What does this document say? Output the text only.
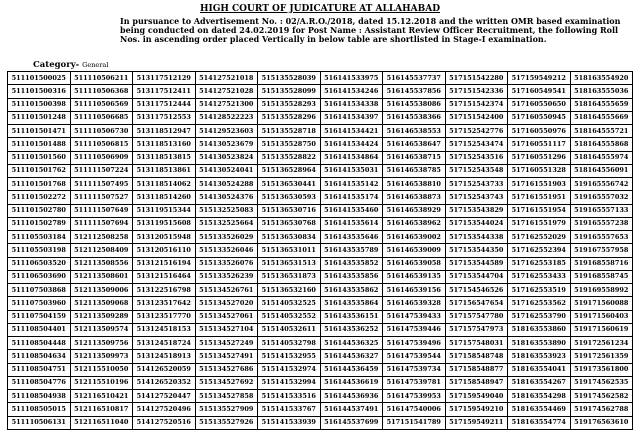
HIGH COURT OF JUDICATURE AT ALLAHABAD

In pursuance to Advertisement No. : 02/A.R.O./2018, dated 15.12.2018 and the written OMR based examination being conducted on dated 24.02.2019 for Post Name : Assistant Review Officer Recruitment, the following Roll Nos. in ascending order placed Vertically in below table are shortlisted in Stage-I examination.

Category- General
511101500025	511110506211	513117512129	514127521018	515135528039	516141533975	516145537737	517151542280	517159549212	518163554920
511101500316	511110506368	513117512411	514127521028	515135528099	516141534246	516145537856	517151542336	517160549541	518163555036
511101500398	511110506569	513117512444	514127521300	515135528293	516141534338	516145538086	517151542374	517160550650	518164555659
511101501248	511110506685	513117512553	514128522223	515135528296	516141534397	516145538366	517151542400	517160550945	518164555669
511101501471	511110506730	513118512947	514129523603	515135528718	516141534421	516146538553	517152542776	517160550976	518164555721
511101501488	511110506815	513118513160	514130523679	515135528750	516141534424	516146538647	517152543474	517160551117	518164555868
511101501560	511110506909	513118513815	514130523824	515135528822	516141534864	516146538715	517152543516	517160551296	518164555974
511101501762	511111507224	513118513861	514130524041	515136528964	516141535031	516146538785	517152543548	517160551328	518164556091
511101501768	511111507495	513118514062	514130524288	515136530441	516141535142	516146538810	517152543733	517161551903	519165556742
511101502272	511111507527	513118514260	514130524376	515136530593	516141535174	516146538873	517152543743	517161551951	519165557032
511101502780	511111507649	513119515344	515132525083	515136530716	516141535460	516146538929	517153543829	517161551954	519165557133
511101502789	511111507694	513119515608	515132525664	515136530768	516141535614	516146538962	517153544024	517161551979	519165557238
511105503184	512112508258	513120515948	515133526029	515136530834	516143535646	516146539002	517153544338	517162552029	519165557653
511105503198	512112508409	513120516110	515133526046	515136531011	516143535789	516146539009	517153544350	517162552394	519167557958
511106503520	512113508556	513121516194	515133526076	515136531513	516143535852	516146539058	517153544589	517162553185	519168558716
511106503690	512113508601	513121516464	515133526239	515136531873	516143535856	516146539135	517153544704	517162553433	519168558745
511107503868	512113509006	513122516798	515134526761	515136532160	516143535862	516146539156	517154546526	517162553519	519169558992
511107503960	512113509068	513123517642	515134527020	515140532525	516143535864	516146539328	517156547654	517162553562	519171560088
511107504159	512113509289	513123517770	515134527061	515140532552	516143536151	516147539433	517157547780	517162553790	519171560403
511108504401	512113509574	513124518153	515134527104	515140532611	516143536252	516147539446	517157547973	518163553860	519171560619
511108504448	512113509756	513124518724	515134527249	515140532798	516144536325	516147539496	517157548031	518163553890	519172561234
511108504634	512113509973	513124518913	515134527491	515141532955	516144536327	516147539544	517158548748	518163553923	519172561359
511108504751	512115510050	514126520059	515134527686	515141532974	516144536459	516147539734	517158548877	518163554041	519173561800
511108504776	512115510196	514126520352	515134527692	515141532994	516144536619	516147539781	517158548947	518163554267	519174562535
511108504938	512116510421	514127520447	515134527858	515141533516	516144536936	516147539953	517159549040	518163554298	519174562582
511108505015	512116510817	514127520496	515135527909	515141533767	516144537491	516147540006	517159549210	518163554469	519174562788
511110506131	512116511040	514127520516	515135527926	515141533939	516145537699	517151541789	517159549211	518163554774	519176563610
